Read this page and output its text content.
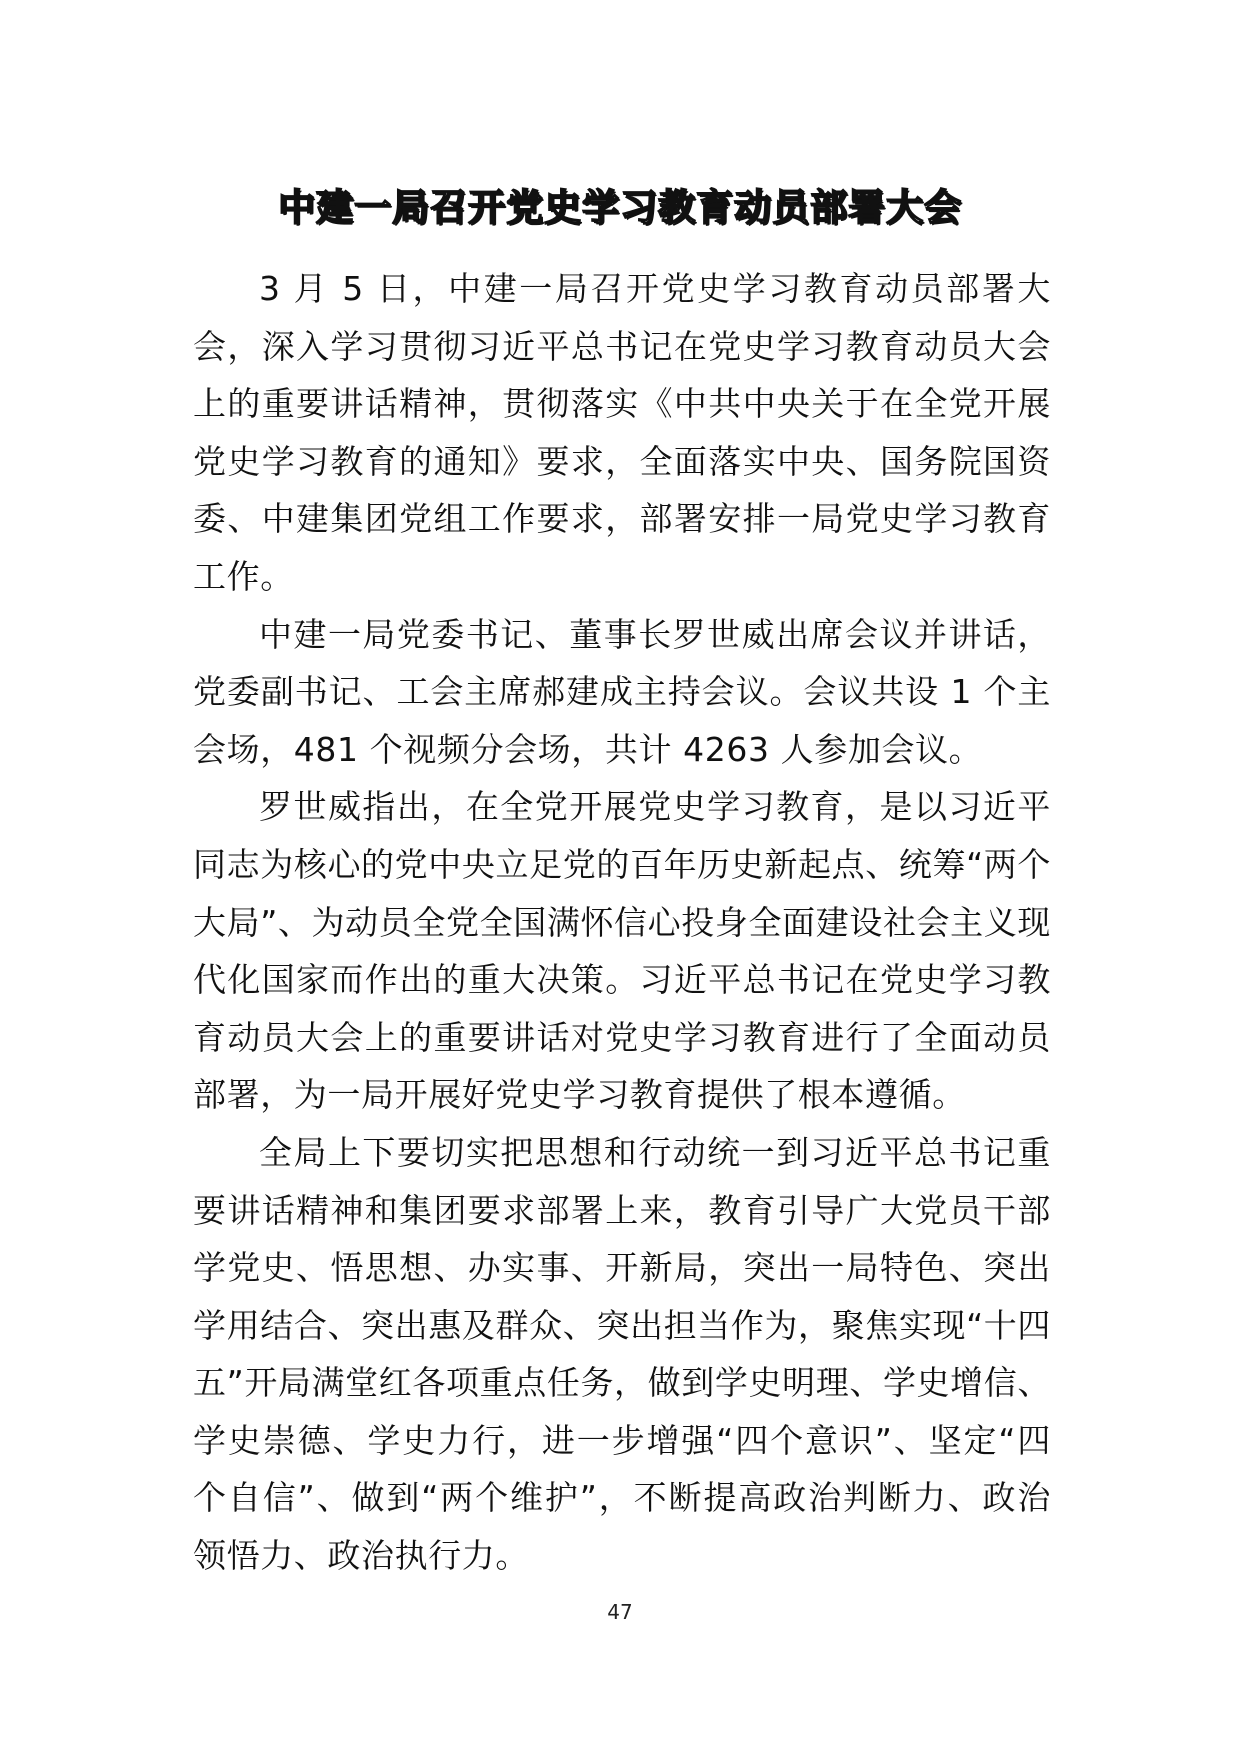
中建一局召开党史学习教育动员部署大会

3 月 5 日，中建一局召开党史学习教育动员部署大会，深入学习贯彻习近平总书记在党史学习教育动员大会上的重要讲话精神，贯彻落实《中共中央关于在全党开展党史学习教育的通知》要求，全面落实中央、国务院国资委、中建集团党组工作要求，部署安排一局党史学习教育工作。

中建一局党委书记、董事长罗世威出席会议并讲话，党委副书记、工会主席郝建成主持会议。会议共设 1 个主会场，481 个视频分会场，共计 4263 人参加会议。

罗世威指出，在全党开展党史学习教育，是以习近平同志为核心的党中央立足党的百年历史新起点、统筹“两个大局”、为动员全党全国满怀信心投身全面建设社会主义现代化国家而作出的重大决策。习近平总书记在党史学习教育动员大会上的重要讲话对党史学习教育进行了全面动员部署，为一局开展好党史学习教育提供了根本遵循。

全局上下要切实把思想和行动统一到习近平总书记重要讲话精神和集团要求部署上来，教育引导广大党员干部学党史、悟思想、办实事、开新局，突出一局特色、突出学用结合、突出惠及群众、突出担当作为，聚焦实现“十四五”开局满堂红各项重点任务，做到学史明理、学史增信、学史崇德、学史力行，进一步增强“四个意识”、坚定“四个自信”、做到“两个维护”，不断提高政治判断力、政治领悟力、政治执行力。

47
